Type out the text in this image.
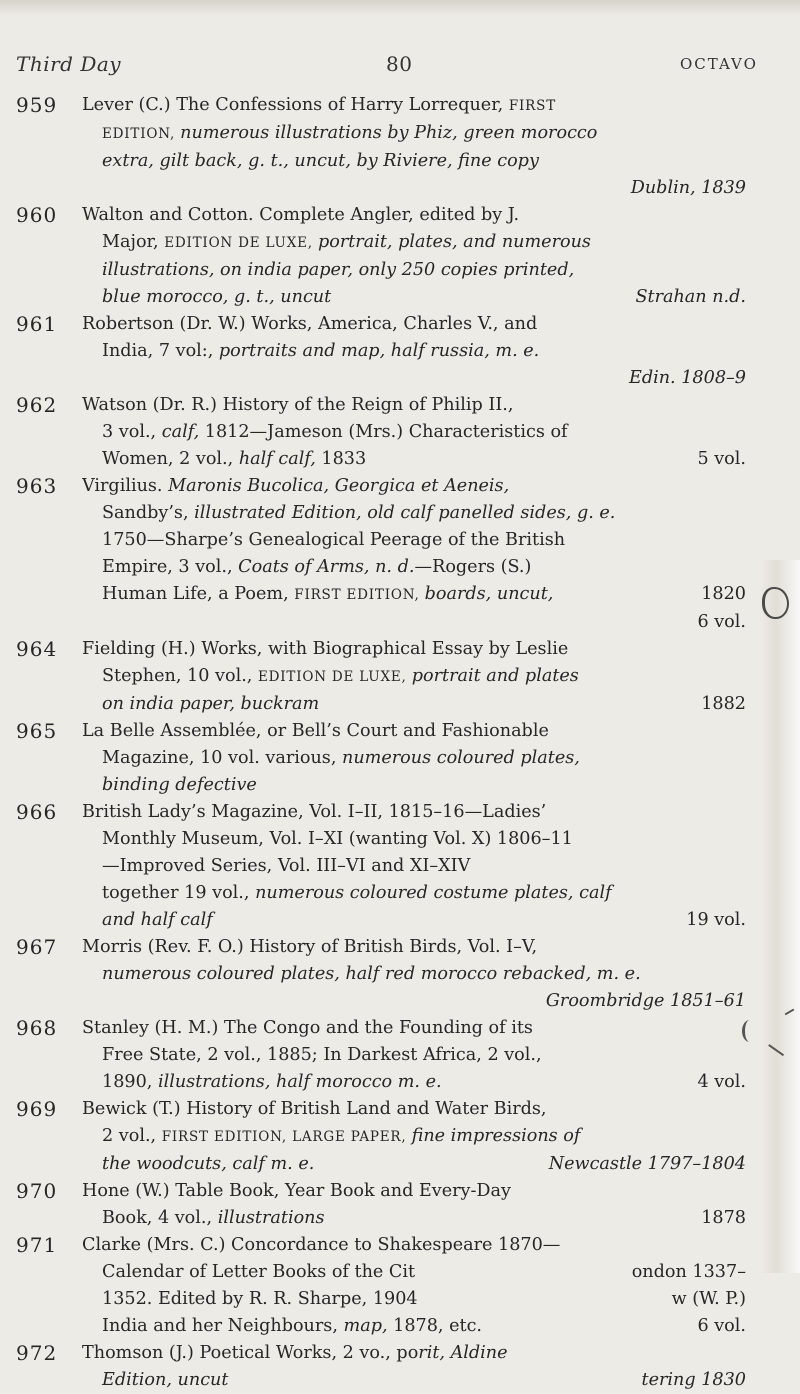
Third Day	80	OCTAVO
959	Lever (C.) The Confessions of Harry Lorrequer, FIRST
EDITION, numerous illustrations by Phiz, green morocco
extra, gilt back, g. t., uncut, by Riviere, fine copy
Dublin, 1839
960	Walton and Cotton. Complete Angler, edited by J.
Major, EDITION DE LUXE, portrait, plates, and numerous
illustrations, on india paper, only 250 copies printed,
blue morocco, g. t., uncut	Strahan n.d.
961	Robertson (Dr. W.) Works, America, Charles V., and
India, 7 vol:, portraits and map, half russia, m. e.
Edin. 1808–9
962	Watson (Dr. R.) History of the Reign of Philip II.,
3 vol., calf, 1812—Jameson (Mrs.) Characteristics of
Women, 2 vol., half calf, 1833	5 vol.
963	Virgilius. Maronis Bucolica, Georgica et Aeneis,
Sandby’s, illustrated Edition, old calf panelled sides, g. e.
1750—Sharpe’s Genealogical Peerage of the British
Empire, 3 vol., Coats of Arms, n. d.—Rogers (S.)
Human Life, a Poem, FIRST EDITION, boards, uncut,	1820
6 vol.
964	Fielding (H.) Works, with Biographical Essay by Leslie
Stephen, 10 vol., EDITION DE LUXE, portrait and plates
on india paper, buckram	1882
965	La Belle Assemblée, or Bell’s Court and Fashionable
Magazine, 10 vol. various, numerous coloured plates,
binding defective
966	British Lady’s Magazine, Vol. I–II, 1815–16—Ladies’
Monthly Museum, Vol. I–XI (wanting Vol. X) 1806–11
—Improved Series, Vol. III–VI and XI–XIV
together 19 vol., numerous coloured costume plates, calf
and half calf	19 vol.
967	Morris (Rev. F. O.) History of British Birds, Vol. I–V,
numerous coloured plates, half red morocco rebacked, m. e.
Groombridge 1851–61
968	Stanley (H. M.) The Congo and the Founding of its
Free State, 2 vol., 1885; In Darkest Africa, 2 vol.,
1890, illustrations, half morocco m. e.	4 vol.
969	Bewick (T.) History of British Land and Water Birds,
2 vol., FIRST EDITION, LARGE PAPER, fine impressions of
the woodcuts, calf m. e.	Newcastle 1797–1804
970	Hone (W.) Table Book, Year Book and Every-Day
Book, 4 vol., illustrations	1878
971	Clarke (Mrs. C.) Concordance to Shakespeare 1870—
Calendar of Letter Books of the Cit	ondon 1337–
1352. Edited by R. R. Sharpe, 1904	w (W. P.)
India and her Neighbours, map, 1878, etc.	6 vol.
972	Thomson (J.) Poetical Works, 2 vo., porit, Aldine
Edition, uncut	tering 1830
